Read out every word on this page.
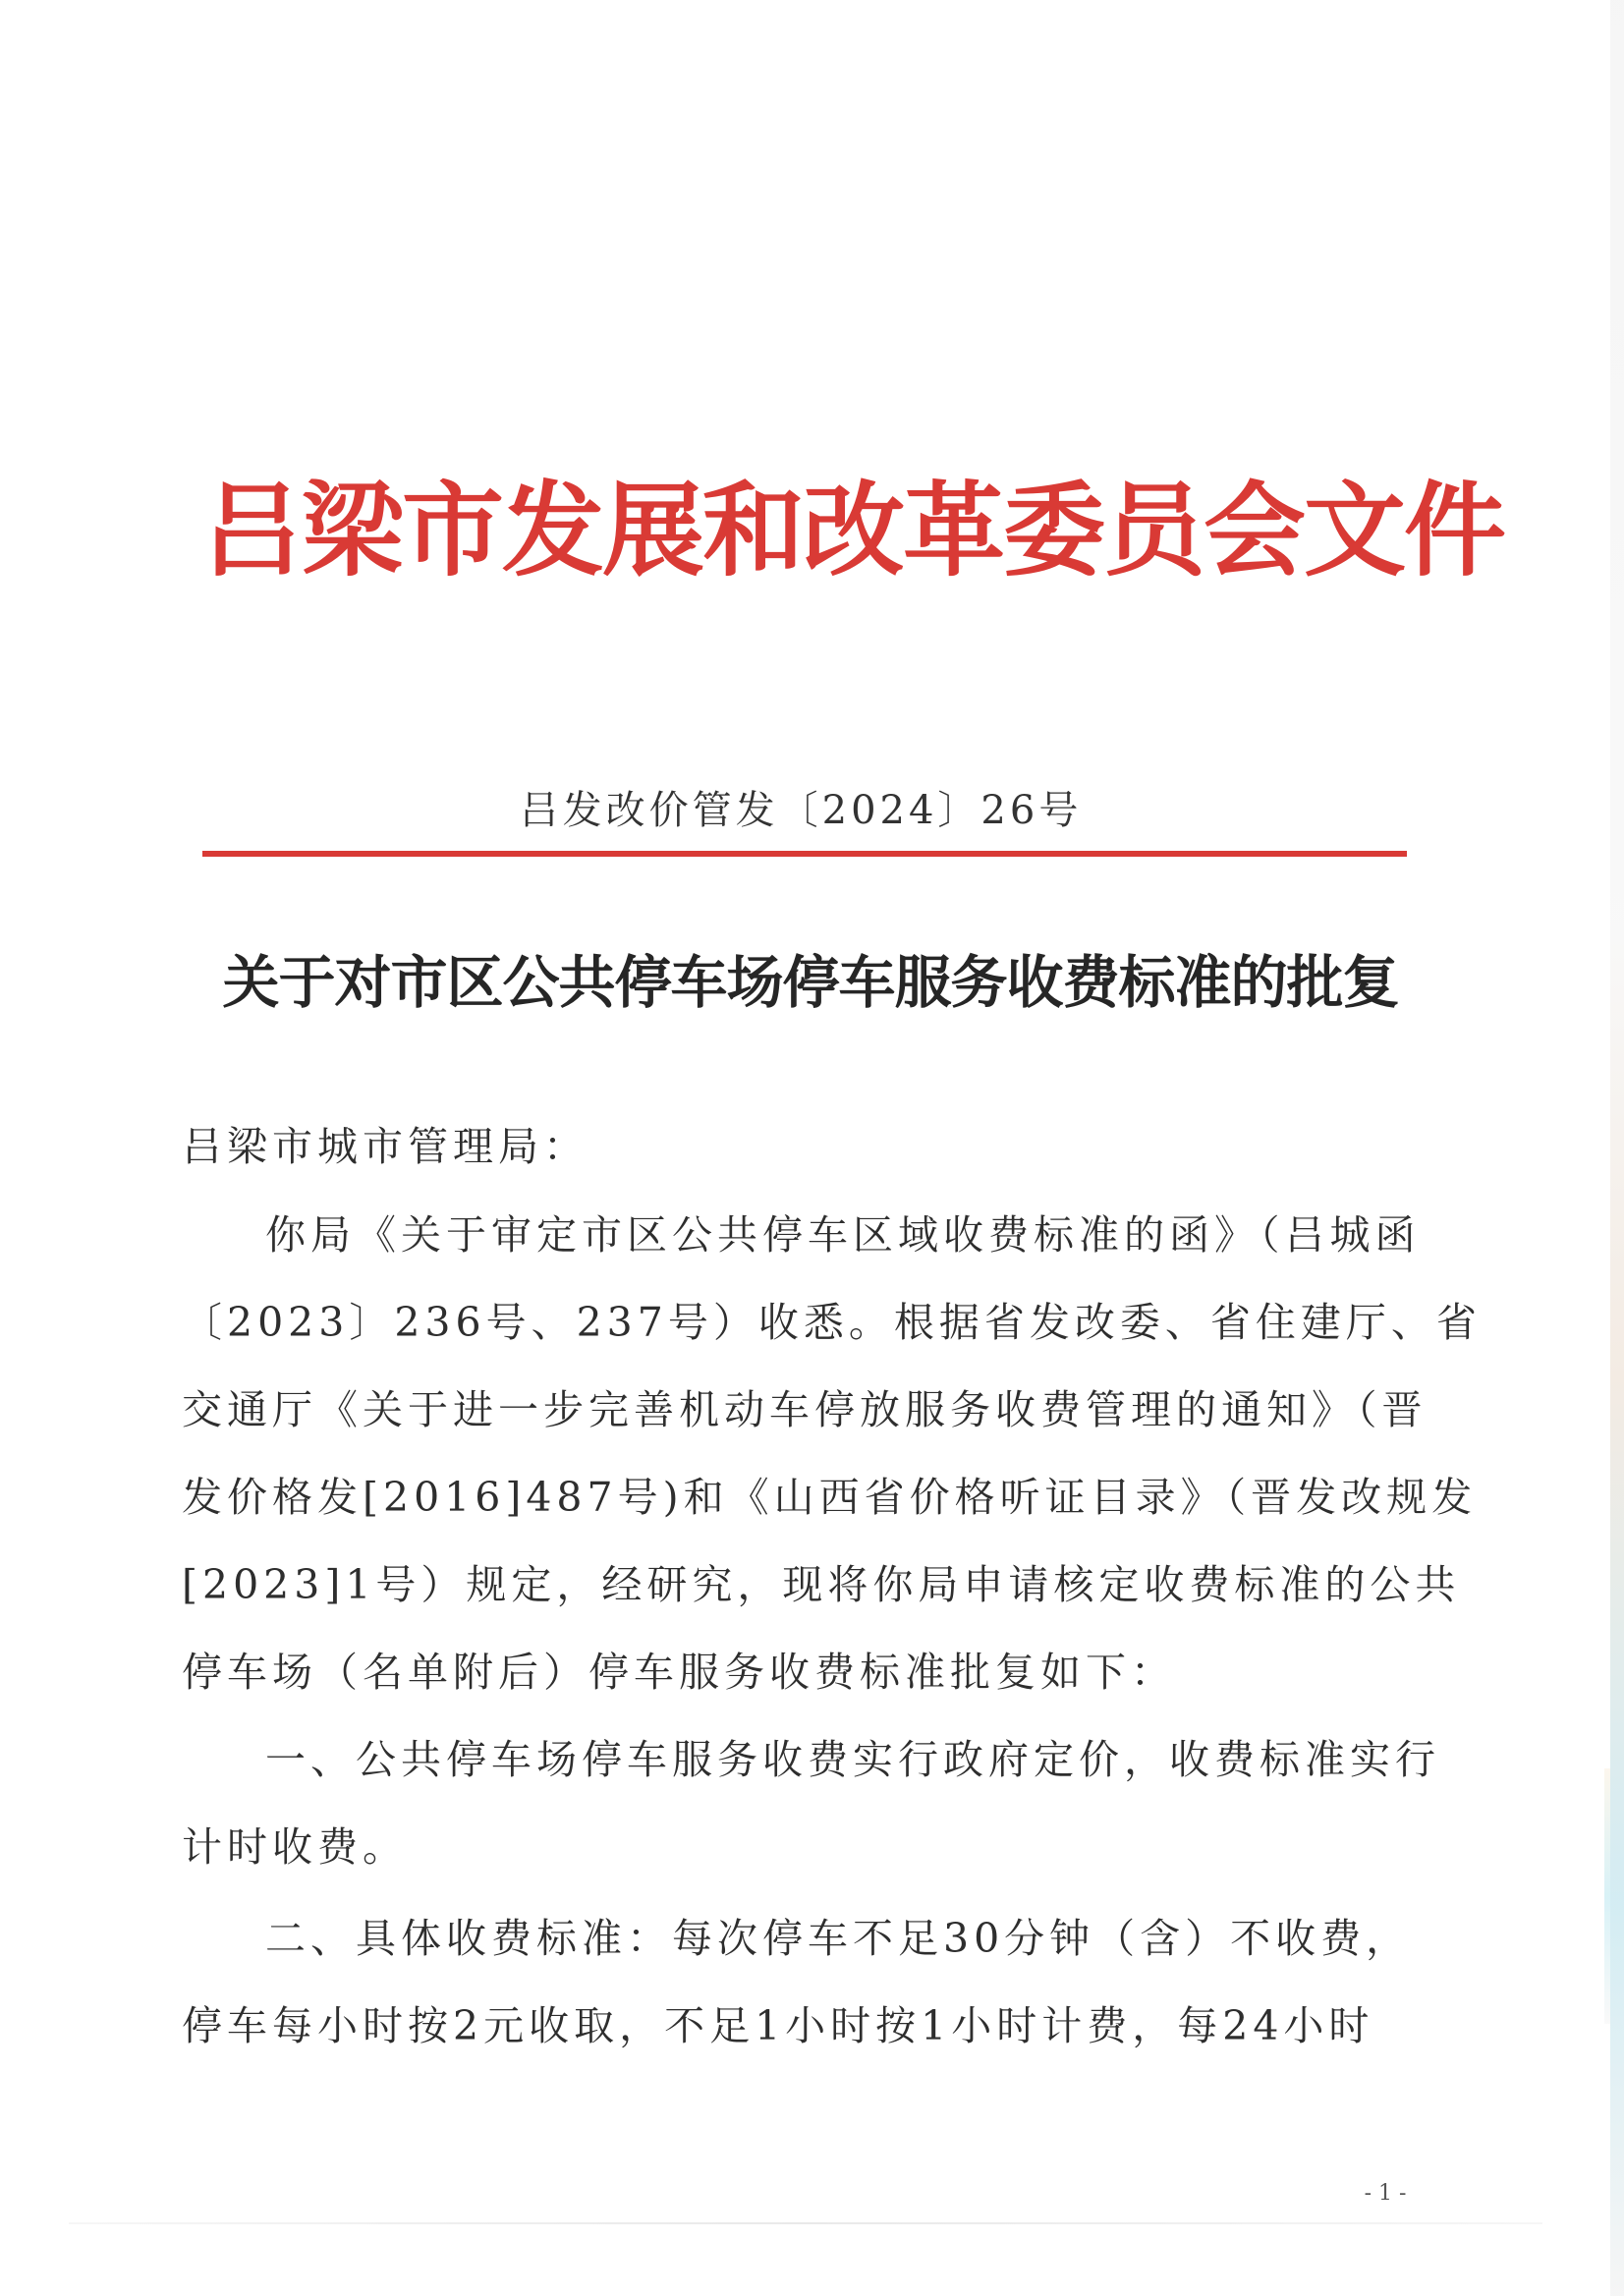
吕梁市发展和改革委员会文件
吕发改价管发〔2024〕26号
关于对市区公共停车场停车服务收费标准的批复
吕梁市城市管理局：
你局《关于审定市区公共停车区域收费标准的函》（吕城函
〔2023〕236号、237号）收悉。根据省发改委、省住建厅、省
交通厅《关于进一步完善机动车停放服务收费管理的通知》（晋
发价格发[2016]487号)和《山西省价格听证目录》（晋发改规发
[2023]1号）规定，经研究，现将你局申请核定收费标准的公共
停车场（名单附后）停车服务收费标准批复如下：
一、公共停车场停车服务收费实行政府定价，收费标准实行
计时收费。
二、具体收费标准：每次停车不足30分钟（含）不收费，
停车每小时按2元收取，不足1小时按1小时计费，每24小时
- 1 -
